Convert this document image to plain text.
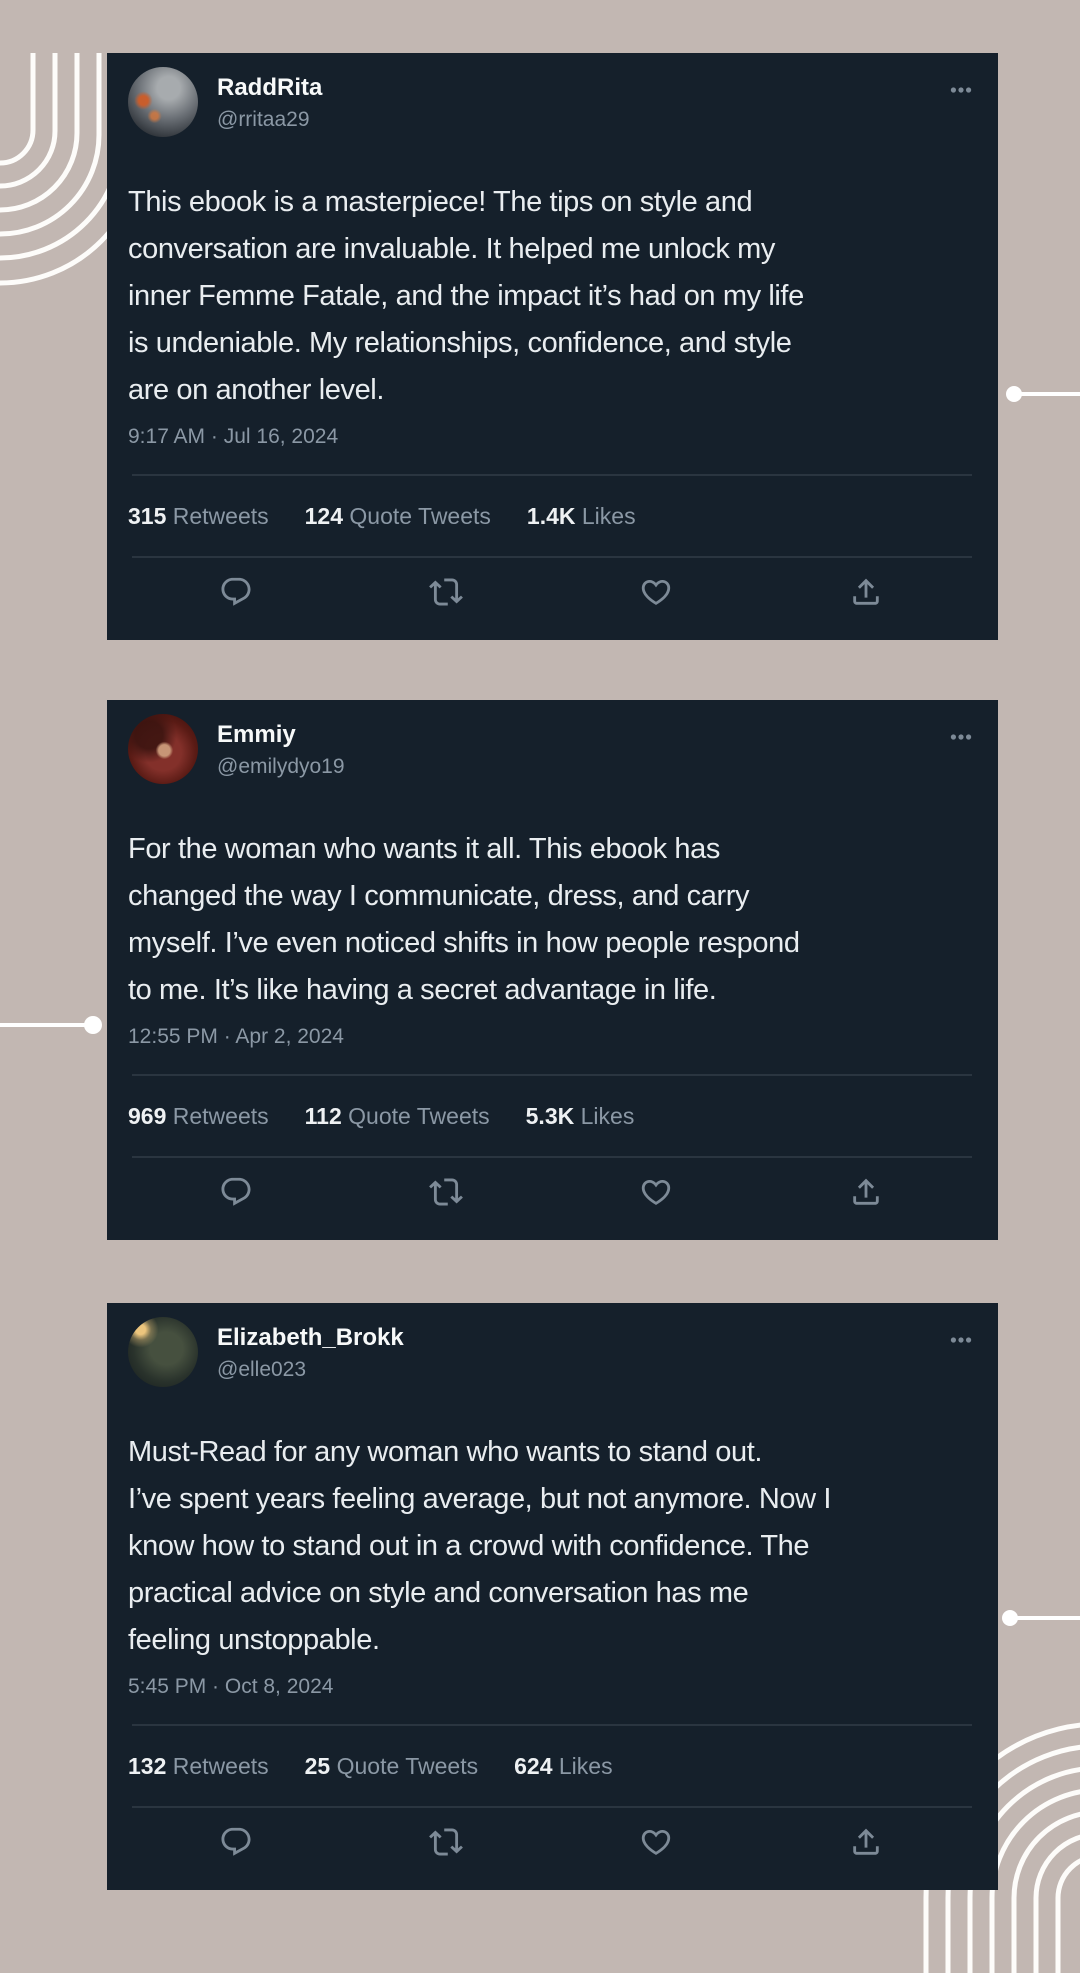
RaddRita
@rritaa29
This ebook is a masterpiece! The tips on style and
conversation are invaluable. It helped me unlock my
inner Femme Fatale, and the impact it’s had on my life
is undeniable. My relationships, confidence, and style
are on another level.
9:17 AM · Jul 16, 2024
315 Retweets 124 Quote Tweets 1.4K Likes
Emmiy
@emilydyo19
For the woman who wants it all. This ebook has
changed the way I communicate, dress, and carry
myself. I’ve even noticed shifts in how people respond
to me. It’s like having a secret advantage in life.
12:55 PM · Apr 2, 2024
969 Retweets 112 Quote Tweets 5.3K Likes
Elizabeth_Brokk
@elle023
Must-Read for any woman who wants to stand out.
I’ve spent years feeling average, but not anymore. Now I
know how to stand out in a crowd with confidence. The
practical advice on style and conversation has me
feeling unstoppable.
5:45 PM · Oct 8, 2024
132 Retweets 25 Quote Tweets 624 Likes
